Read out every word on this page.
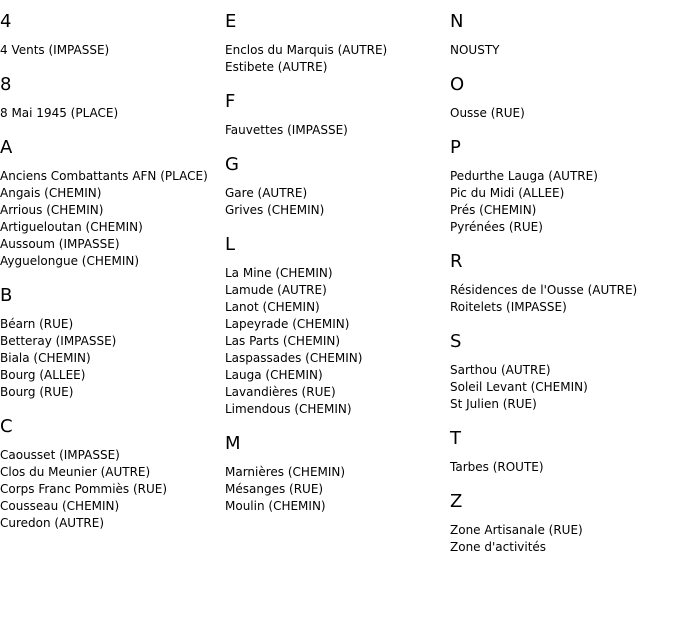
4
4 Vents (IMPASSE)
8
8 Mai 1945 (PLACE)
A
Anciens Combattants AFN (PLACE)
Angais (CHEMIN)
Arrious (CHEMIN)
Artigueloutan (CHEMIN)
Aussoum (IMPASSE)
Ayguelongue (CHEMIN)
B
Béarn (RUE)
Betteray (IMPASSE)
Biala (CHEMIN)
Bourg (ALLEE)
Bourg (RUE)
C
Caousset (IMPASSE)
Clos du Meunier (AUTRE)
Corps Franc Pommiès (RUE)
Cousseau (CHEMIN)
Curedon (AUTRE)
E
Enclos du Marquis (AUTRE)
Estibete (AUTRE)
F
Fauvettes (IMPASSE)
G
Gare (AUTRE)
Grives (CHEMIN)
L
La Mine (CHEMIN)
Lamude (AUTRE)
Lanot (CHEMIN)
Lapeyrade (CHEMIN)
Las Parts (CHEMIN)
Laspassades (CHEMIN)
Lauga (CHEMIN)
Lavandières (RUE)
Limendous (CHEMIN)
M
Marnières (CHEMIN)
Mésanges (RUE)
Moulin (CHEMIN)
N
NOUSTY
O
Ousse (RUE)
P
Pedurthe Lauga (AUTRE)
Pic du Midi (ALLEE)
Prés (CHEMIN)
Pyrénées (RUE)
R
Résidences de l'Ousse (AUTRE)
Roitelets (IMPASSE)
S
Sarthou (AUTRE)
Soleil Levant (CHEMIN)
St Julien (RUE)
T
Tarbes (ROUTE)
Z
Zone Artisanale (RUE)
Zone d'activités
